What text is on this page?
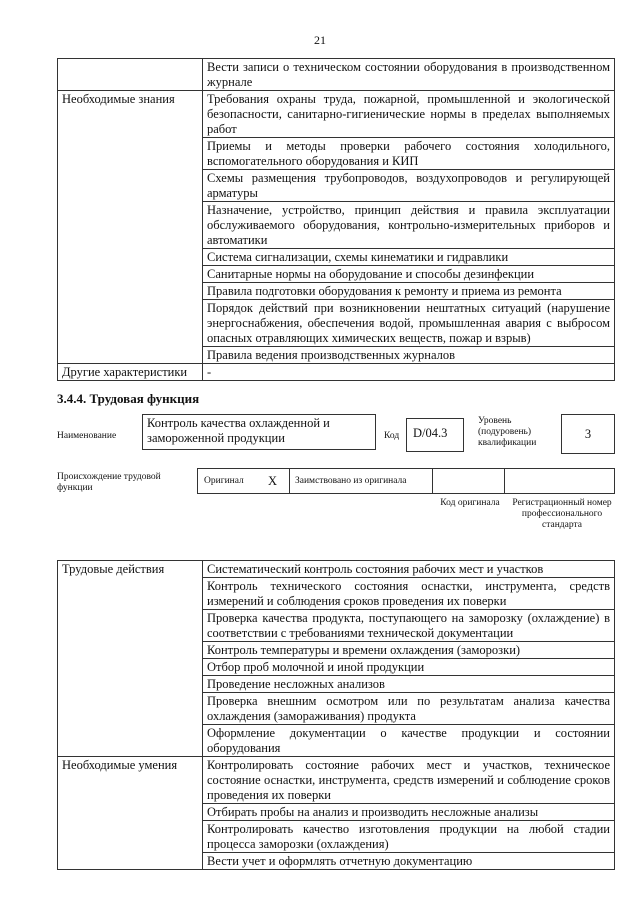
21
	Вести записи о техническом состоянии оборудования в производственном журнале
Необходимые знания	Требования охраны труда, пожарной, промышленной и экологической безопасности, санитарно-гигиенические нормы в пределах выполняемых работ
	Приемы и методы проверки рабочего состояния холодильного, вспомогательного оборудования и КИП
	Схемы размещения трубопроводов, воздухопроводов и регулирующей арматуры
	Назначение, устройство, принцип действия и правила эксплуатации обслуживаемого оборудования, контрольно-измерительных приборов и автоматики
	Система сигнализации, схемы кинематики и гидравлики
	Санитарные нормы на оборудование и способы дезинфекции
	Правила подготовки оборудования к ремонту и приема из ремонта
	Порядок действий при возникновении нештатных ситуаций (нарушение энергоснабжения, обеспечения водой, промышленная авария с выбросом опасных отравляющих химических веществ, пожар и взрыв)
	Правила ведения производственных журналов
Другие характеристики	-
3.4.4. Трудовая функция
Наименование
Контроль качества охлажденной и замороженной продукции	Код	D/04.3
Уровень (подуровень) квалификации
3
Происхождение трудовой функции
Оригинал X Заимствовано из оригинала
Код оригинала Регистрационный номер профессионального стандарта
Трудовые действия	Систематический контроль состояния рабочих мест и участков
	Контроль технического состояния оснастки, инструмента, средств измерений и соблюдения сроков проведения их поверки
	Проверка качества продукта, поступающего на заморозку (охлаждение) в соответствии с требованиями технической документации
	Контроль температуры и времени охлаждения (заморозки)
	Отбор проб молочной и иной продукции
	Проведение несложных анализов
	Проверка внешним осмотром или по результатам анализа качества охлаждения (замораживания) продукта
	Оформление документации о качестве продукции и состоянии оборудования
Необходимые умения	Контролировать состояние рабочих мест и участков, техническое состояние оснастки, инструмента, средств измерений и соблюдение сроков проведения их поверки
	Отбирать пробы на анализ и производить несложные анализы
	Контролировать качество изготовления продукции на любой стадии процесса заморозки (охлаждения)
	Вести учет и оформлять отчетную документацию
